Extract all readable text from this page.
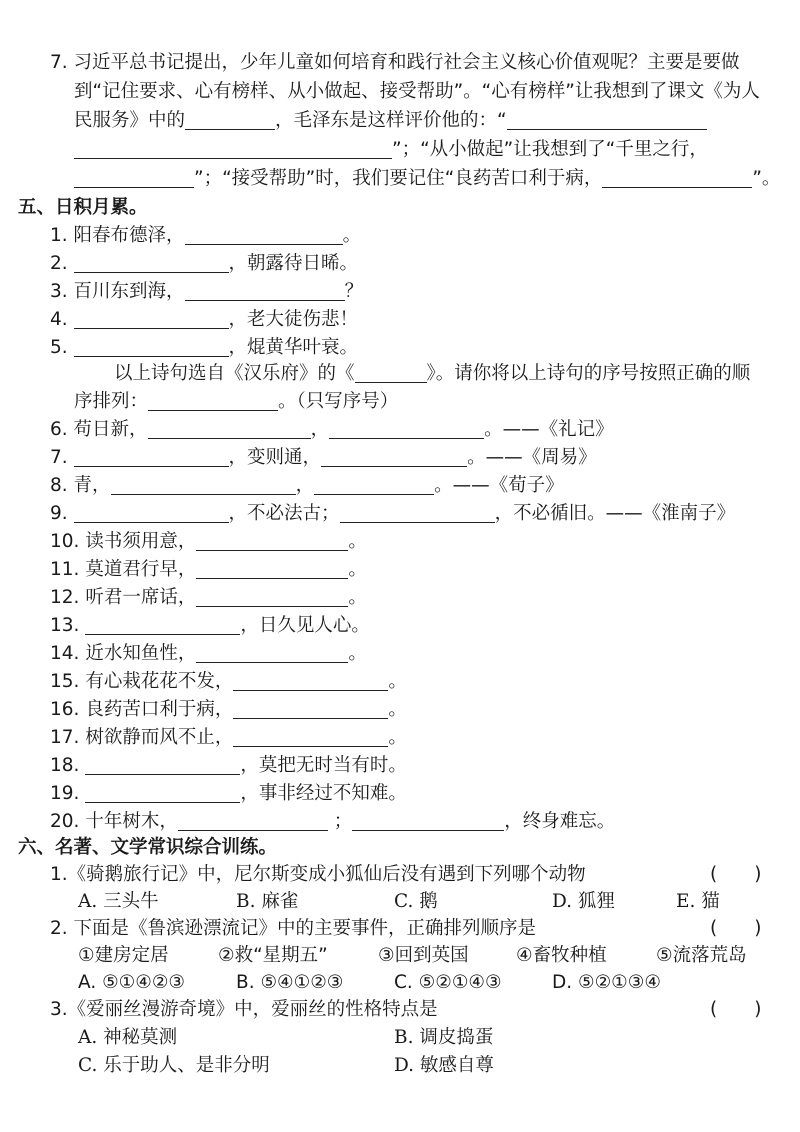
7. 习近平总书记提出，少年儿童如何培育和践行社会主义核心价值观呢？主要是要做
到“记住要求、心有榜样、从小做起、接受帮助”。“心有榜样”让我想到了课文《为人
民服务》中的	，毛泽东是这样评价他的：“
”；“从小做起”让我想到了“千里之行，
”；“接受帮助”时，我们要记住“良药苦口利于病，	”。
五、日积月累。
1. 阳春布德泽，	。
2.	，朝露待日晞。
3. 百川东到海，	？
4.	，老大徒伤悲！
5.	，焜黄华叶衰。
以上诗句选自《汉乐府》的《	》。请你将以上诗句的序号按照正确的顺
序排列：	。（只写序号）
6. 苟日新，	，	。——《礼记》
7.	，变则通，	。——《周易》
8. 青，	，	。——《荀子》
9.	，不必法古；	，不必循旧。——《淮南子》
10. 读书须用意，	。
11. 莫道君行早，	。
12. 听君一席话，	。
13.	，日久见人心。
14. 近水知鱼性，	。
15. 有心栽花花不发，	。
16. 良药苦口利于病，	。
17. 树欲静而风不止，	。
18.	，莫把无时当有时。
19.	，事非经过不知难。
20. 十年树木，	；	，终身难忘。
六、名著、文学常识综合训练。
1.《骑鹅旅行记》中，尼尔斯变成小狐仙后没有遇到下列哪个动物	(　　)
A. 三头牛	B. 麻雀	C. 鹅	D. 狐狸	E. 猫
2. 下面是《鲁滨逊漂流记》中的主要事件，正确排列顺序是	(　　)
①建房定居	②救“星期五”	③回到英国	④畜牧种植	⑤流落荒岛
A. ⑤①④②③	B. ⑤④①②③	C. ⑤②①④③	D. ⑤②①③④
3.《爱丽丝漫游奇境》中，爱丽丝的性格特点是	(　　)
A. 神秘莫测	B. 调皮捣蛋
C. 乐于助人、是非分明	D. 敏感自尊
